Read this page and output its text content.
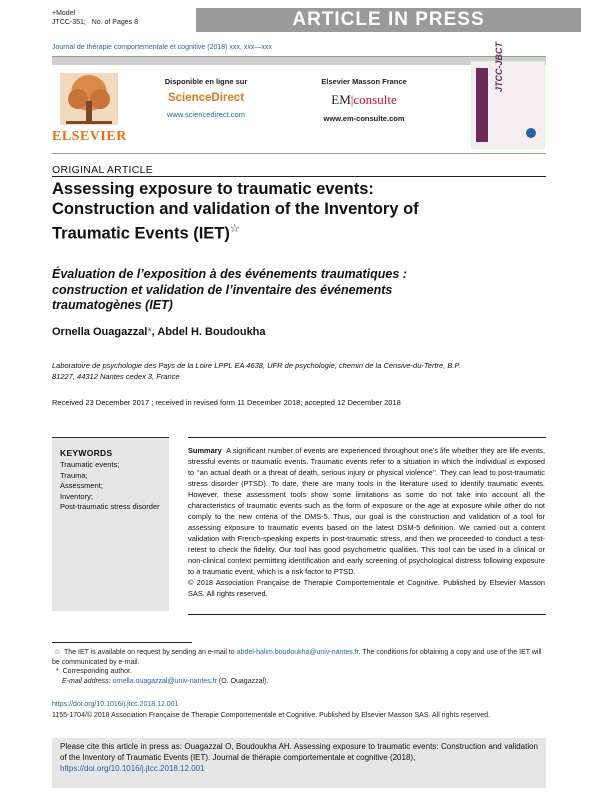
+Model
JTCC-351; No. of Pages 8	ARTICLE IN PRESS
Journal de thérapie comportementale et cognitive (2018) xxx, xxx—xxx
ELSEVIER
Disponible en ligne sur
ScienceDirect
www.sciencedirect.com
Elsevier Masson France
EM|consulte
www.em-consulte.com
JTCC-JBCT
ORIGINAL ARTICLE
Assessing exposure to traumatic events: Construction and validation of the Inventory of Traumatic Events (IET)☆
Évaluation de l’exposition à des événements traumatiques : construction et validation de l’inventaire des événements traumatogènes (IET)
Ornella Ouagazzal*, Abdel H. Boudoukha
Laboratoire de psychologie des Pays de la Loire LPPL EA 4638, UFR de psychologie, chemin de la Censive-du-Tertre, B.P. 81227, 44312 Nantes cedex 3, France
Received 23 December 2017 ; received in revised form 11 December 2018; accepted 12 December 2018
KEYWORDS
Traumatic events;
Trauma;
Assessment;
Inventory;
Post-traumatic stress disorder
Summary A significant number of events are experienced throughout one’s life whether they are life events, stressful events or traumatic events. Traumatic events refer to a situation in which the individual is exposed to ‘‘an actual death or a threat of death, serious injury or physical violence’’. They can lead to post-traumatic stress disorder (PTSD). To date, there are many tools in the literature used to identify traumatic events. However, these assessment tools show some limitations as some do not take into account all the characteristics of traumatic events such as the form of exposure or the age at exposure while other do not comply to the new criteria of the DMS-5. Thus, our goal is the construction and validation of a tool for assessing exposure to traumatic events based on the latest DSM-5 definition. We carried out a content validation with French-speaking experts in post-traumatic stress, and then we proceeded to conduct a test-retest to check the fidelity. Our tool has good psychometric qualities. This tool can be used in a clinical or non-clinical context permitting identification and early screening of psychological distress following exposure to a traumatic event, which is a risk factor to PTSD.
© 2018 Association Française de Therapie Comportementale et Cognitive. Published by Elsevier Masson SAS. All rights reserved.
☆ The IET is available on request by sending an e-mail to abdel-halim.boudoukha@univ-nantes.fr. The conditions for obtaining a copy and use of the IET will be communicated by e-mail.
* Corresponding author.
E-mail address: ornella.ouagazzal@univ-nantes.fr (O. Ouagazzal).
https://doi.org/10.1016/j.jtcc.2018.12.001
1155-1704/© 2018 Association Française de Therapie Comportementale et Cognitive. Published by Elsevier Masson SAS. All rights reserved.
Please cite this article in press as: Ouagazzal O, Boudoukha AH. Assessing exposure to traumatic events: Construction and validation of the Inventory of Traumatic Events (IET). Journal de thérapie comportementale et cognitive (2018),
https://doi.org/10.1016/j.jtcc.2018.12.001
